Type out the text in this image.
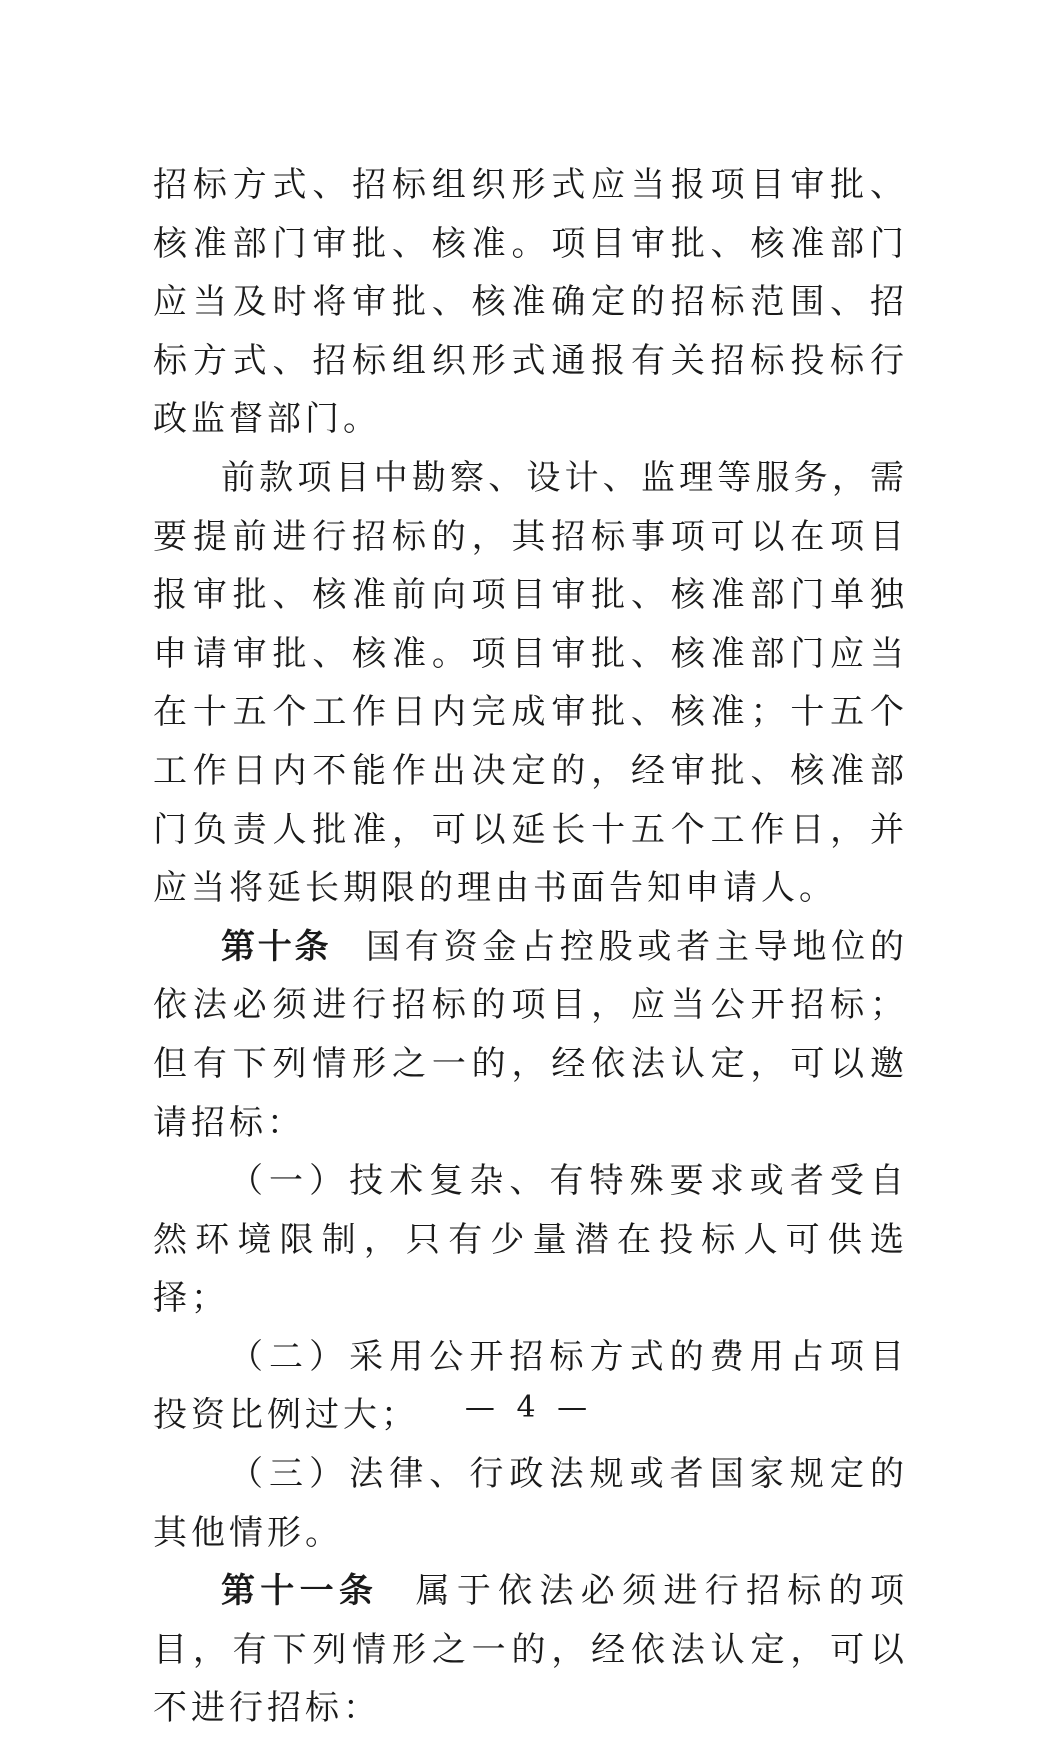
招标方式、招标组织形式应当报项目审批、核准部门审批、核准。项目审批、核准部门应当及时将审批、核准确定的招标范围、招标方式、招标组织形式通报有关招标投标行政监督部门。

前款项目中勘察、设计、监理等服务，需要提前进行招标的，其招标事项可以在项目报审批、核准前向项目审批、核准部门单独申请审批、核准。项目审批、核准部门应当在十五个工作日内完成审批、核准；十五个工作日内不能作出决定的，经审批、核准部门负责人批准，可以延长十五个工作日，并应当将延长期限的理由书面告知申请人。

第十条 国有资金占控股或者主导地位的依法必须进行招标的项目，应当公开招标；但有下列情形之一的，经依法认定，可以邀请招标：

（一）技术复杂、有特殊要求或者受自然环境限制，只有少量潜在投标人可供选择；

（二）采用公开招标方式的费用占项目投资比例过大；

（三）法律、行政法规或者国家规定的其他情形。

第十一条 属于依法必须进行招标的项目，有下列情形之一的，经依法认定，可以不进行招标：

— 4 —
